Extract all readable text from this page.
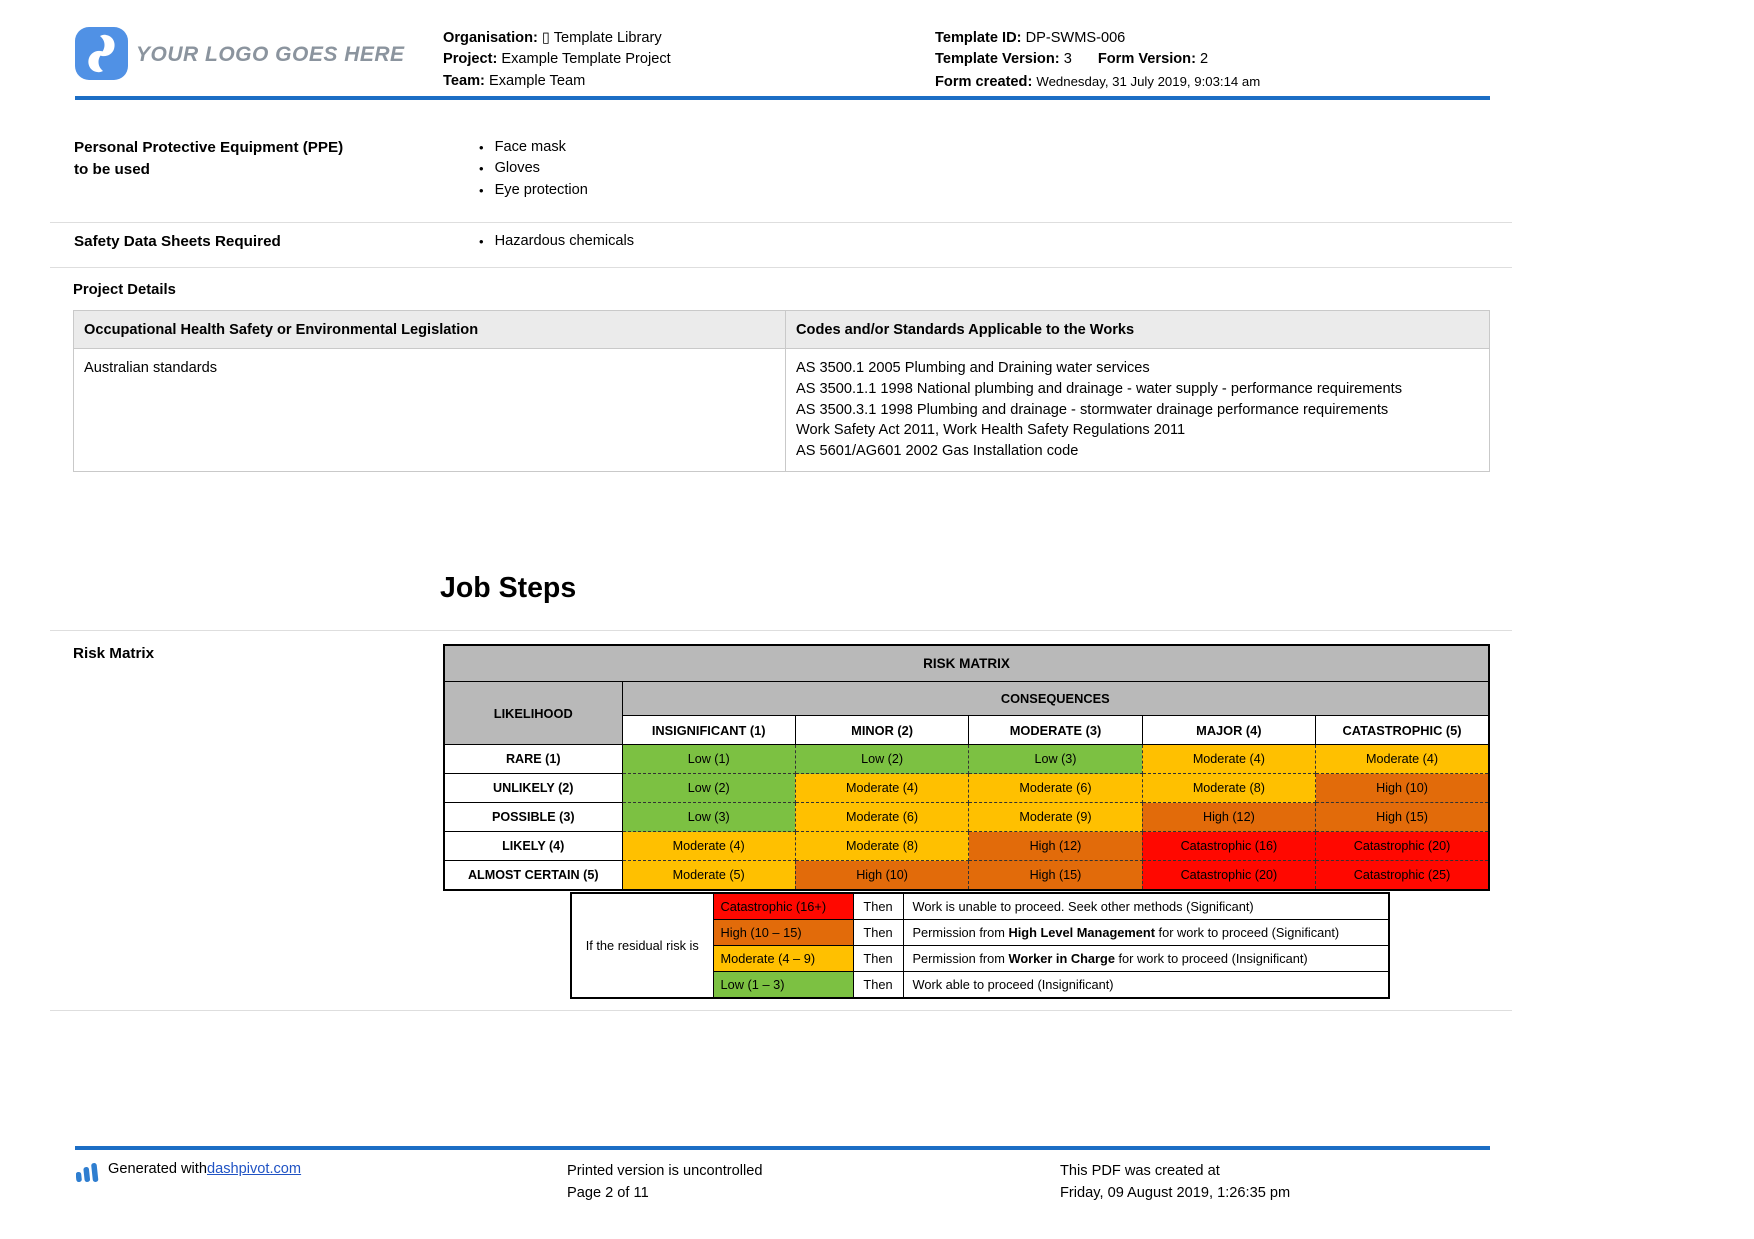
YOUR LOGO GOES HERE
Organisation: ▯ Template Library
Project: Example Template Project
Team: Example Team
Template ID: DP-SWMS-006
Template Version: 3 Form Version: 2
Form created: Wednesday, 31 July 2019, 9:03:14 am
Personal Protective Equipment (PPE)
to be used
• Face mask
• Gloves
• Eye protection
Safety Data Sheets Required	• Hazardous chemicals
Project Details
Occupational Health Safety or Environmental Legislation	Codes and/or Standards Applicable to the Works
Australian standards	AS 3500.1 2005 Plumbing and Draining water services
AS 3500.1.1 1998 National plumbing and drainage - water supply - performance requirements
AS 3500.3.1 1998 Plumbing and drainage - stormwater drainage performance requirements
Work Safety Act 2011, Work Health Safety Regulations 2011
AS 5601/AG601 2002 Gas Installation code
Job Steps
Risk Matrix
RISK MATRIX					
LIKELIHOOD	CONSEQUENCES				
	INSIGNIFICANT (1)	MINOR (2)	MODERATE (3)	MAJOR (4)	CATASTROPHIC (5)
RARE (1)	Low (1)	Low (2)	Low (3)	Moderate (4)	Moderate (4)
UNLIKELY (2)	Low (2)	Moderate (4)	Moderate (6)	Moderate (8)	High (10)
POSSIBLE (3)	Low (3)	Moderate (6)	Moderate (9)	High (12)	High (15)
LIKELY (4)	Moderate (4)	Moderate (8)	High (12)	Catastrophic (16)	Catastrophic (20)
ALMOST CERTAIN (5)	Moderate (5)	High (10)	High (15)	Catastrophic (20)	Catastrophic (25)
If the residual risk is	Catastrophic (16+)	Then	Work is unable to proceed. Seek other methods (Significant)
	High (10 – 15)	Then	Permission from High Level Management for work to proceed (Significant)
	Moderate (4 – 9)	Then	Permission from Worker in Charge for work to proceed (Insignificant)
	Low (1 – 3)	Then	Work able to proceed (Insignificant)
Generated with dashpivot.com	Printed version is uncontrolled
Page 2 of 11
This PDF was created at
Friday, 09 August 2019, 1:26:35 pm
